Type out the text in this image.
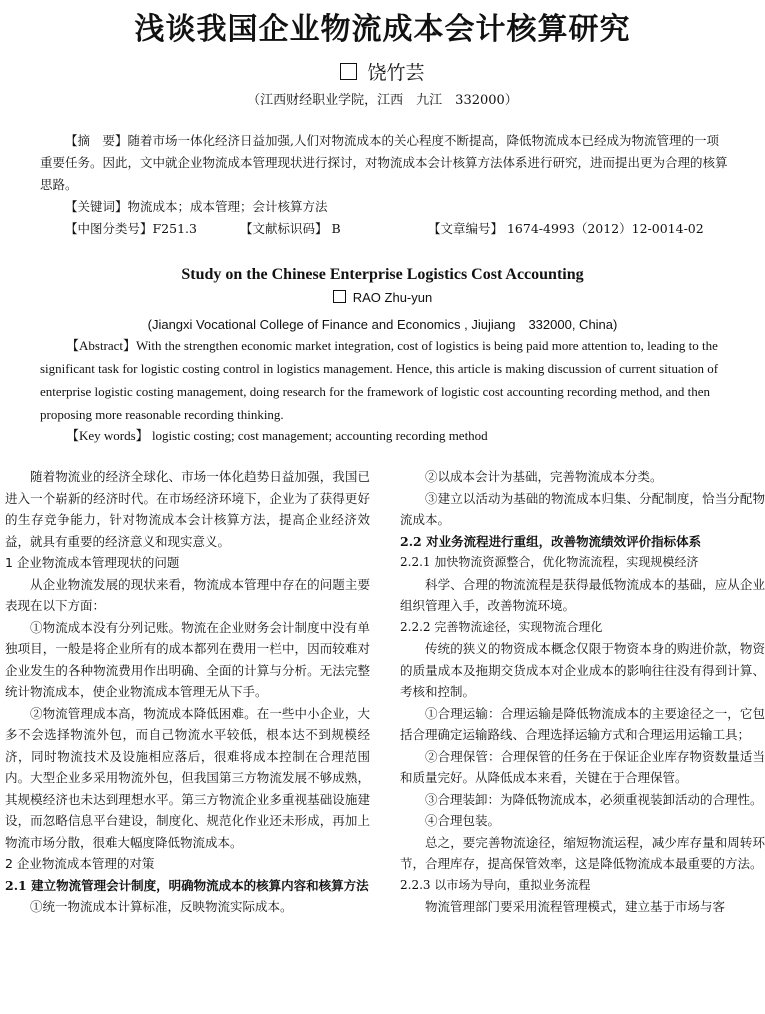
浅谈我国企业物流成本会计核算研究
饶竹芸
（江西财经职业学院，江西　九江　332000）

【摘　要】随着市场一体化经济日益加强,人们对物流成本的关心程度不断提高，降低物流成本已经成为物流管理的一项重要任务。因此，文中就企业物流成本管理现状进行探讨，对物流成本会计核算方法体系进行研究，进而提出更为合理的核算思路。

【关键词】物流成本；成本管理；会计核算方法

【中图分类号】F251.3	【文献标识码】 B	【文章编号】 1674-4993（2012）12-0014-02
Study on the Chinese Enterprise Logistics Cost Accounting
RAO Zhu-yun
(Jiangxi Vocational College of Finance and Economics , Jiujiang　332000, China)

【Abstract】With the strengthen economic market integration, cost of logistics is being paid more attention to, leading to the significant task for logistic costing control in logistics management. Hence, this article is making discussion of current situation of enterprise logistic costing management, doing research for the framework of logistic cost accounting recording method, and then proposing more reasonable recording thinking.

【Key words】 logistic costing; cost management; accounting recording method

随着物流业的经济全球化、市场一体化趋势日益加强，我国已进入一个崭新的经济时代。在市场经济环境下，企业为了获得更好的生存竞争能力，针对物流成本会计核算方法，提高企业经济效益，就具有重要的经济意义和现实意义。

1 企业物流成本管理现状的问题

从企业物流发展的现状来看，物流成本管理中存在的问题主要表现在以下方面：

①物流成本没有分列记账。物流在企业财务会计制度中没有单独项目，一般是将企业所有的成本都列在费用一栏中，因而较难对企业发生的各种物流费用作出明确、全面的计算与分析。无法完整统计物流成本，使企业物流成本管理无从下手。

②物流管理成本高，物流成本降低困难。在一些中小企业，大多不会选择物流外包，而自己物流水平较低，根本达不到规模经济，同时物流技术及设施相应落后，很难将成本控制在合理范围内。大型企业多采用物流外包，但我国第三方物流发展不够成熟，其规模经济也未达到理想水平。第三方物流企业多重视基础设施建设，而忽略信息平台建设，制度化、规范化作业还未形成，再加上物流市场分散，很难大幅度降低物流成本。

2 企业物流成本管理的对策

2.1 建立物流管理会计制度，明确物流成本的核算内容和核算方法

①统一物流成本计算标准，反映物流实际成本。

②以成本会计为基础，完善物流成本分类。

③建立以活动为基础的物流成本归集、分配制度，恰当分配物流成本。

2.2 对业务流程进行重组，改善物流绩效评价指标体系

2.2.1 加快物流资源整合，优化物流流程，实现规模经济

科学、合理的物流流程是获得最低物流成本的基础，应从企业组织管理入手，改善物流环境。

2.2.2 完善物流途径，实现物流合理化

传统的狭义的物资成本概念仅限于物资本身的购进价款，物资的质量成本及拖期交货成本对企业成本的影响往往没有得到计算、考核和控制。

①合理运输：合理运输是降低物流成本的主要途径之一，它包括合理确定运输路线、合理选择运输方式和合理运用运输工具；

②合理保管：合理保管的任务在于保证企业库存物资数量适当和质量完好。从降低成本来看，关键在于合理保管。

③合理装卸：为降低物流成本，必须重视装卸活动的合理性。

④合理包装。

总之，要完善物流途径，缩短物流运程，减少库存量和周转环节，合理库存，提高保管效率，这是降低物流成本最重要的方法。

2.2.3 以市场为导向，重拟业务流程

物流管理部门要采用流程管理模式，建立基于市场与客
